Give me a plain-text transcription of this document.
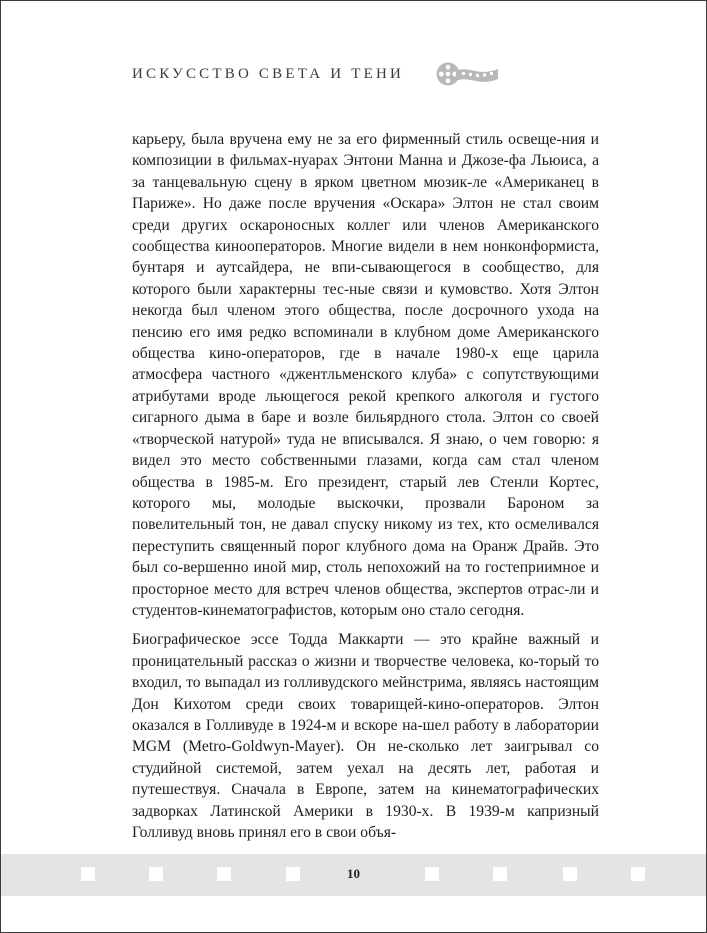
ИСКУССТВО СВЕТА И ТЕНИ

карьеру, была вручена ему не за его фирменный стиль освеще-ния и композиции в фильмах-нуарах Энтони Манна и Джозе-фа Льюиса, а за танцевальную сцену в ярком цветном мюзик-ле «Американец в Париже». Но даже после вручения «Оскара» Элтон не стал своим среди других оскароносных коллег или членов Американского сообщества кинооператоров. Многие видели в нем нонконформиста, бунтаря и аутсайдера, не впи-сывающегося в сообщество, для которого были характерны тес-ные связи и кумовство. Хотя Элтон некогда был членом этого общества, после досрочного ухода на пенсию его имя редко вспоминали в клубном доме Американского общества кино-операторов, где в начале 1980-х еще царила атмосфера частного «джентльменского клуба» с сопутствующими атрибутами вроде льющегося рекой крепкого алкоголя и густого сигарного дыма в баре и возле бильярдного стола. Элтон со своей «творческой натурой» туда не вписывался. Я знаю, о чем говорю: я видел это место собственными глазами, когда сам стал членом общества в 1985-м. Его президент, старый лев Стенли Кортес, которого мы, молодые выскочки, прозвали Бароном за повелительный тон, не давал спуску никому из тех, кто осмеливался переступить священный порог клубного дома на Оранж Драйв. Это был со-вершенно иной мир, столь непохожий на то гостеприимное и просторное место для встреч членов общества, экспертов отрас-ли и студентов-кинематографистов, которым оно стало сегодня.

Биографическое эссе Тодда Маккарти — это крайне важный и проницательный рассказ о жизни и творчестве человека, ко-торый то входил, то выпадал из голливудского мейнстрима, являясь настоящим Дон Кихотом среди своих товарищей-кино-операторов. Элтон оказался в Голливуде в 1924-м и вскоре на-шел работу в лаборатории MGM (Metro-Goldwyn-Mayer). Он не-сколько лет заигрывал со студийной системой, затем уехал на десять лет, работая и путешествуя. Сначала в Европе, затем на кинематографических задворках Латинской Америки в 1930-х. В 1939-м капризный Голливуд вновь принял его в свои объя-

10
